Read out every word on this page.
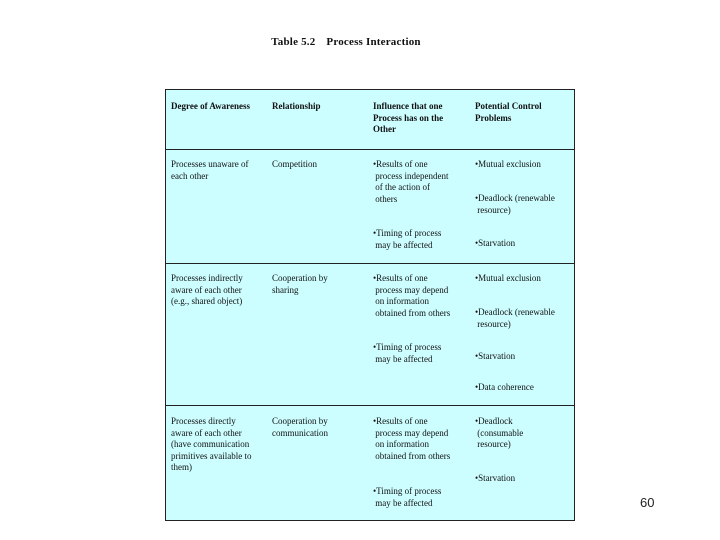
Table 5.2 Process Interaction
Degree of Awareness Relationship	Influence that one
Process has on the
Other
Potential Control
Problems
Processes unaware of
each other
Competition	•Results of one
process independent
of the action of
others
•Timing of process
may be affected
•Mutual exclusion
•Deadlock (renewable
resource)
•Starvation
Processes indirectly
aware of each other
(e.g., shared object)
Cooperation by
sharing
•Results of one
process may depend
on information
obtained from others
•Timing of process
may be affected
•Mutual exclusion
•Deadlock (renewable
resource)
•Starvation
•Data coherence
Processes directly
aware of each other
(have communication
primitives available to
them)
Cooperation by
communication
•Results of one
process may depend
on information
obtained from others
•Timing of process
may be affected
•Deadlock
(consumable
resource)
•Starvation
60
